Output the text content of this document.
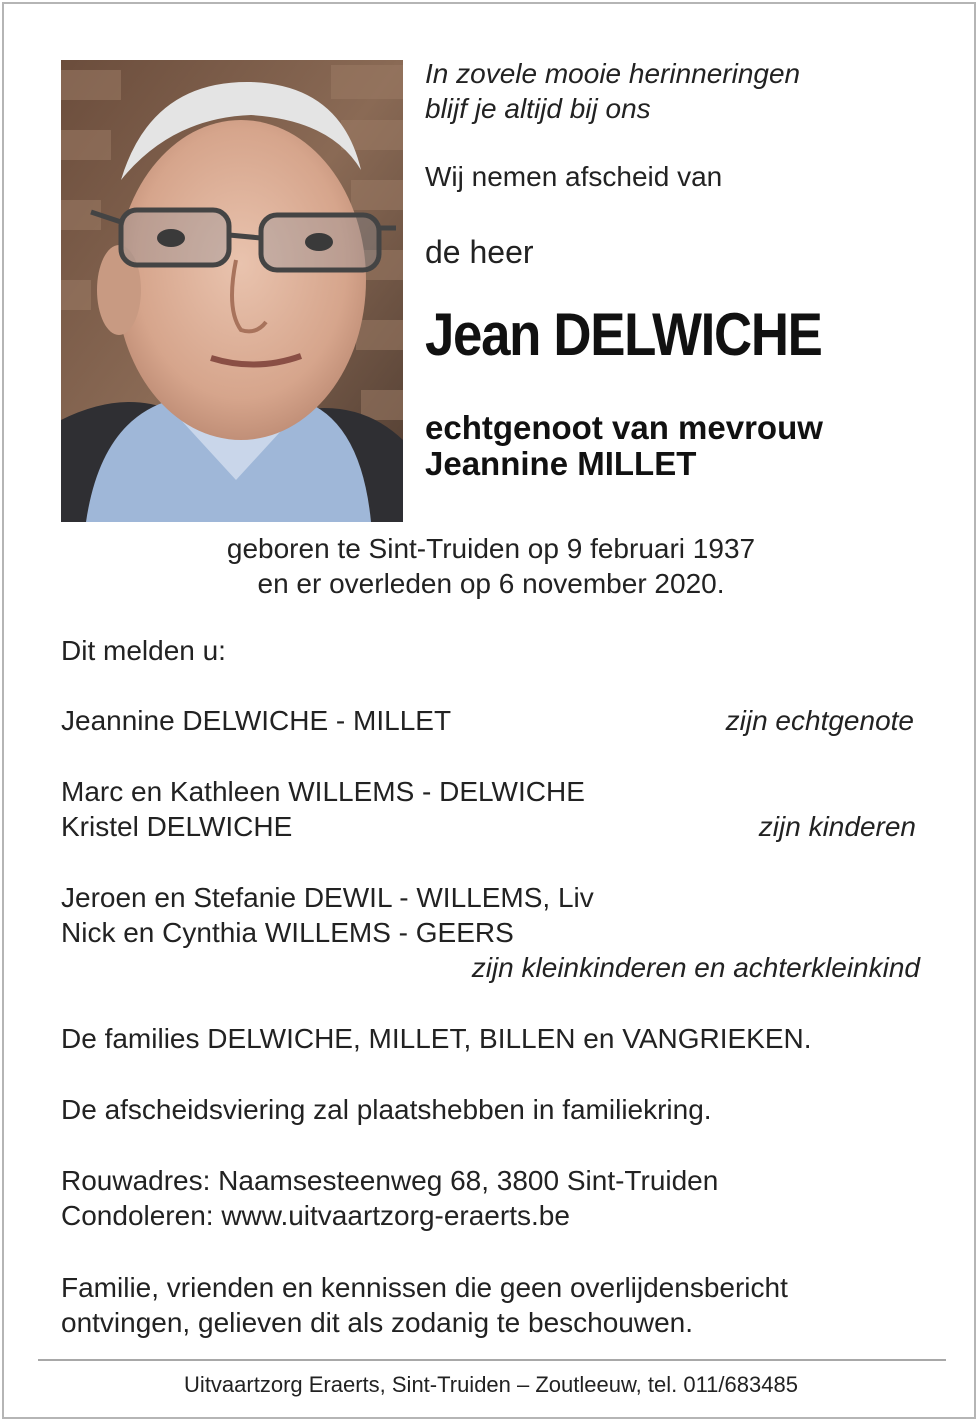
In zovele mooie herinneringen
blijf je altijd bij ons
Wij nemen afscheid van
de heer
Jean DELWICHE
echtgenoot van mevrouw
Jeannine MILLET
geboren te Sint-Truiden op 9 februari 1937
en er overleden op 6 november 2020.
Dit melden u:
Jeannine DELWICHE - MILLET	zijn echtgenote
Marc en Kathleen WILLEMS - DELWICHE
Kristel DELWICHE	zijn kinderen
Jeroen en Stefanie DEWIL - WILLEMS, Liv
Nick en Cynthia WILLEMS - GEERS
zijn kleinkinderen en achterkleinkind
De families DELWICHE, MILLET, BILLEN en VANGRIEKEN.
De afscheidsviering zal plaatshebben in familiekring.
Rouwadres: Naamsesteenweg 68, 3800 Sint-Truiden
Condoleren: www.uitvaartzorg-eraerts.be
Familie, vrienden en kennissen die geen overlijdensbericht
ontvingen, gelieven dit als zodanig te beschouwen.
Uitvaartzorg Eraerts, Sint-Truiden – Zoutleeuw, tel. 011/683485
